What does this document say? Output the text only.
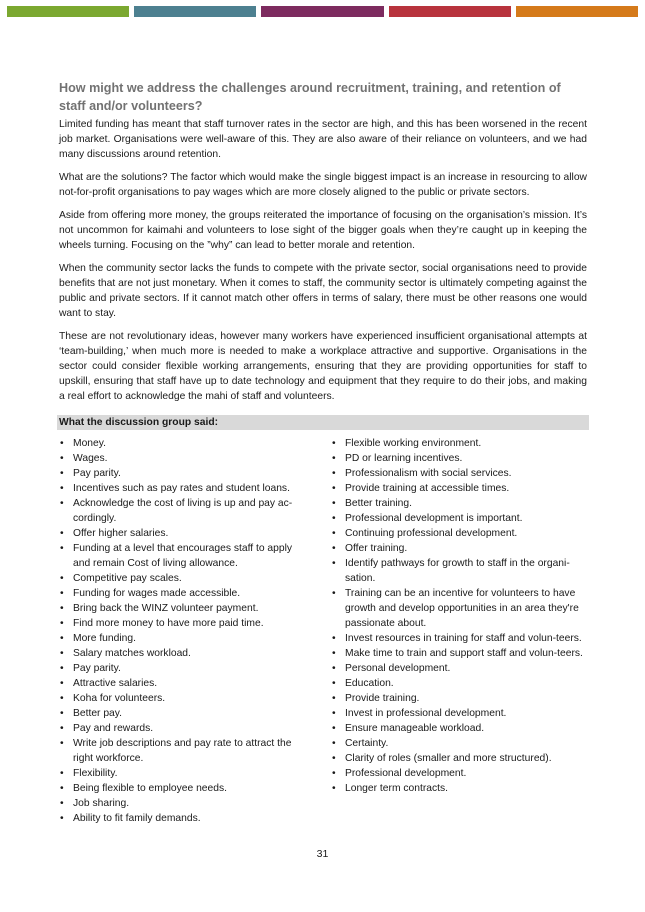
How might we address the challenges around recruitment, training, and retention of staff and/or volunteers?

Limited funding has meant that staff turnover rates in the sector are high, and this has been worsened in the recent job market. Organisations were well-aware of this. They are also aware of their reliance on volunteers, and we had many discussions around retention.

What are the solutions? The factor which would make the single biggest impact is an increase in resourcing to allow not-for-profit organisations to pay wages which are more closely aligned to the public or private sectors.

Aside from offering more money, the groups reiterated the importance of focusing on the organisation’s mission. It’s not uncommon for kaimahi and volunteers to lose sight of the bigger goals when they’re caught up in keeping the wheels turning. Focusing on the ”why” can lead to better morale and retention.

When the community sector lacks the funds to compete with the private sector, social organisations need to provide benefits that are not just monetary. When it comes to staff, the community sector is ultimately competing against the public and private sectors. If it cannot match other offers in terms of salary, there must be other reasons one would want to stay.

These are not revolutionary ideas, however many workers have experienced insufficient organisational attempts at ‘team-building,’ when much more is needed to make a workplace attractive and supportive. Organisations in the sector could consider flexible working arrangements, ensuring that they are providing opportunities for staff to upskill, ensuring that staff have up to date technology and equipment that they require to do their jobs, and making a real effort to acknowledge the mahi of staff and volunteers.

What the discussion group said:
• Money.
• Wages.
• Pay parity.
• Incentives such as pay rates and student loans.
• Acknowledge the cost of living is up and pay ac-cordingly.
• Offer higher salaries.
• Funding at a level that encourages staff to apply and remain Cost of living allowance.
• Competitive pay scales.
• Funding for wages made accessible.
• Bring back the WINZ volunteer payment.
• Find more money to have more paid time.
• More funding.
• Salary matches workload.
• Pay parity.
• Attractive salaries.
• Koha for volunteers.
• Better pay.
• Pay and rewards.
• Write job descriptions and pay rate to attract the right workforce.
• Flexibility.
• Being flexible to employee needs.
• Job sharing.
• Ability to fit family demands.
• Flexible working environment.
• PD or learning incentives.
• Professionalism with social services.
• Provide training at accessible times.
• Better training.
• Professional development is important.
• Continuing professional development.
• Offer training.
• Identify pathways for growth to staff in the organi-sation.
• Training can be an incentive for volunteers to have growth and develop opportunities in an area they're passionate about.
• Invest resources in training for staff and volun-teers.
• Make time to train and support staff and volun-teers.
• Personal development.
• Education.
• Provide training.
• Invest in professional development.
• Ensure manageable workload.
• Certainty.
• Clarity of roles (smaller and more structured).
• Professional development.
• Longer term contracts.
31
